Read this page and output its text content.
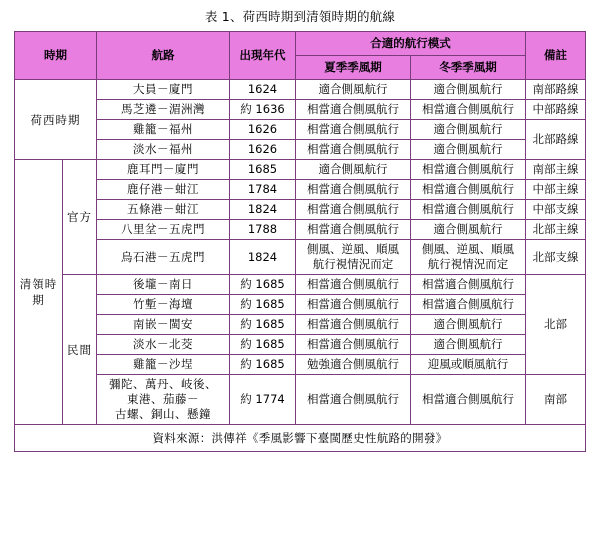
表 1、荷西時期到清領時期的航線
時期		航路	出現年代	合適的航行模式		備註
				夏季季風期	冬季季風期	
荷西時期		大員－廈門	1624	適合側風航行	適合側風航行	南部路線
		馬芝遴－湄洲灣	約 1636	相當適合側風航行	相當適合側風航行	中部路線
		雞籠－福州	1626	相當適合側風航行	適合側風航行	北部路線
		淡水－福州	1626	相當適合側風航行	適合側風航行	
清領時期	官方	鹿耳門－廈門	1685	適合側風航行	相當適合側風航行	南部主線
		鹿仔港－蚶江	1784	相當適合側風航行	相當適合側風航行	中部主線
		五條港－蚶江	1824	相當適合側風航行	相當適合側風航行	中部支線
		八里坌－五虎門	1788	相當適合側風航行	適合側風航行	北部主線
		烏石港－五虎門	1824	側風、逆風、順風
航行視情況而定	側風、逆風、順風
航行視情況而定	北部支線
	民間	後壠－南日	約 1685	相當適合側風航行	相當適合側風航行	北部
		竹塹－海壇	約 1685	相當適合側風航行	相當適合側風航行	
		南嵌－閩安	約 1685	相當適合側風航行	適合側風航行	
		淡水－北茭	約 1685	相當適合側風航行	適合側風航行	
		雞籠－沙埕	約 1685	勉強適合側風航行	迎風或順風航行	
		彌陀、萬丹、岐後、
東港、茄藤－
古螺、銅山、懸鐘	約 1774	相當適合側風航行	相當適合側風航行	南部
資料來源：洪傳祥《季風影響下臺閩歷史性航路的開發》						
